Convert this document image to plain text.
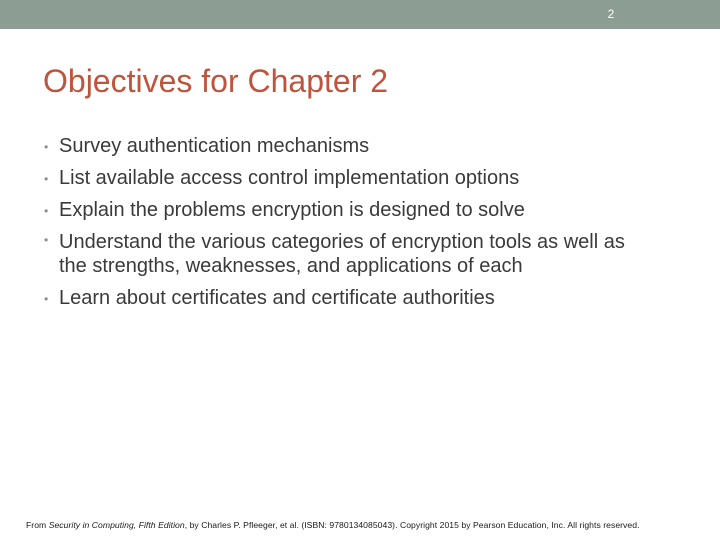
2
Objectives for Chapter 2
• Survey authentication mechanisms
• List available access control implementation options
• Explain the problems encryption is designed to solve
• Understand the various categories of encryption tools as well as the strengths, weaknesses, and applications of each
• Learn about certificates and certificate authorities
From Security in Computing, Fifth Edition, by Charles P. Pfleeger, et al. (ISBN: 9780134085043). Copyright 2015 by Pearson Education, Inc. All rights reserved.
